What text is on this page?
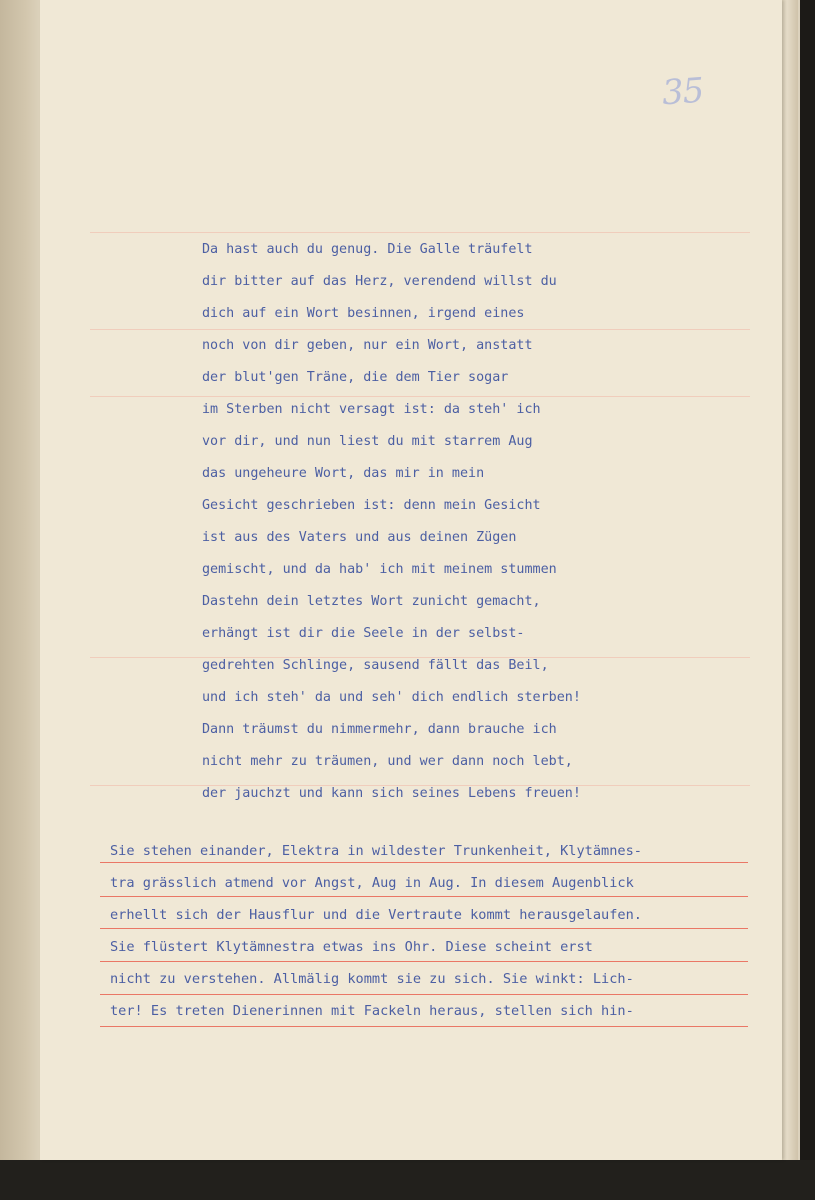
35
Da hast auch du genug. Die Galle träufelt
dir bitter auf das Herz, verendend willst du
dich auf ein Wort besinnen, irgend eines
noch von dir geben, nur ein Wort, anstatt
der blut'gen Träne, die dem Tier sogar
im Sterben nicht versagt ist: da steh' ich
vor dir, und nun liest du mit starrem Aug
das ungeheure Wort, das mir in mein
Gesicht geschrieben ist: denn mein Gesicht
ist aus des Vaters und aus deinen Zügen
gemischt, und da hab' ich mit meinem stummen
Dastehn dein letztes Wort zunicht gemacht,
erhängt ist dir die Seele in der selbst-
gedrehten Schlinge, sausend fällt das Beil,
und ich steh' da und seh' dich endlich sterben!
Dann träumst du nimmermehr, dann brauche ich
nicht mehr zu träumen, und wer dann noch lebt,
der jauchzt und kann sich seines Lebens freuen!
Sie stehen einander, Elektra in wildester Trunkenheit, Klytämnes-
tra grässlich atmend vor Angst, Aug in Aug. In diesem Augenblick
erhellt sich der Hausflur und die Vertraute kommt herausgelaufen.
Sie flüstert Klytämnestra etwas ins Ohr. Diese scheint erst
nicht zu verstehen. Allmälig kommt sie zu sich. Sie winkt: Lich-
ter! Es treten Dienerinnen mit Fackeln heraus, stellen sich hin-
